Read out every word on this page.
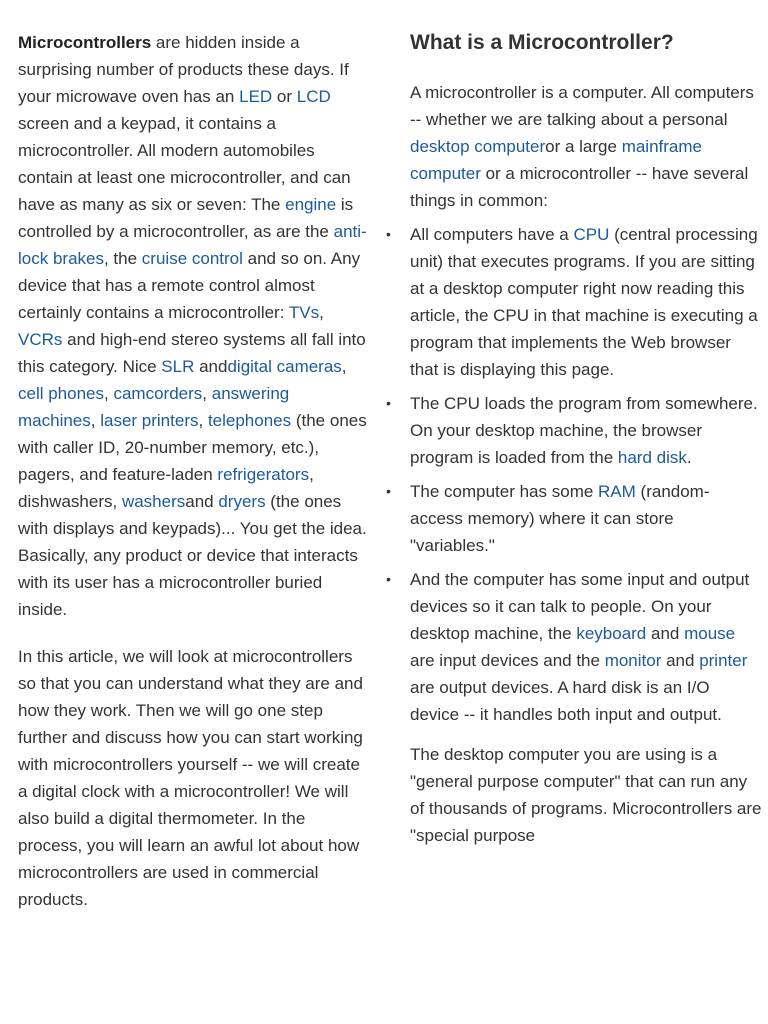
Microcontrollers are hidden inside a surprising number of products these days. If your microwave oven has an LED or LCD screen and a keypad, it contains a microcontroller. All modern automobiles contain at least one microcontroller, and can have as many as six or seven: The engine is controlled by a microcontroller, as are the anti-lock brakes, the cruise control and so on. Any device that has a remote control almost certainly contains a microcontroller: TVs, VCRs and high-end stereo systems all fall into this category. Nice SLR anddigital cameras, cell phones, camcorders, answering machines, laser printers, telephones (the ones with caller ID, 20-number memory, etc.), pagers, and feature-laden refrigerators, dishwashers, washersand dryers (the ones with displays and keypads)... You get the idea. Basically, any product or device that interacts with its user has a microcontroller buried inside.

In this article, we will look at microcontrollers so that you can understand what they are and how they work. Then we will go one step further and discuss how you can start working with microcontrollers yourself -- we will create a digital clock with a microcontroller! We will also build a digital thermometer. In the process, you will learn an awful lot about how microcontrollers are used in commercial products.

What is a Microcontroller?

A microcontroller is a computer. All computers -- whether we are talking about a personal desktop computeror a large mainframe computer or a microcontroller -- have several things in common:

• All computers have a CPU (central processing unit) that executes programs. If you are sitting at a desktop computer right now reading this article, the CPU in that machine is executing a program that implements the Web browser that is displaying this page.
• The CPU loads the program from somewhere. On your desktop machine, the browser program is loaded from the hard disk.
• The computer has some RAM (random-access memory) where it can store "variables."
• And the computer has some input and output devices so it can talk to people. On your desktop machine, the keyboard and mouse are input devices and the monitor and printer are output devices. A hard disk is an I/O device -- it handles both input and output.

The desktop computer you are using is a "general purpose computer" that can run any of thousands of programs. Microcontrollers are "special purpose
